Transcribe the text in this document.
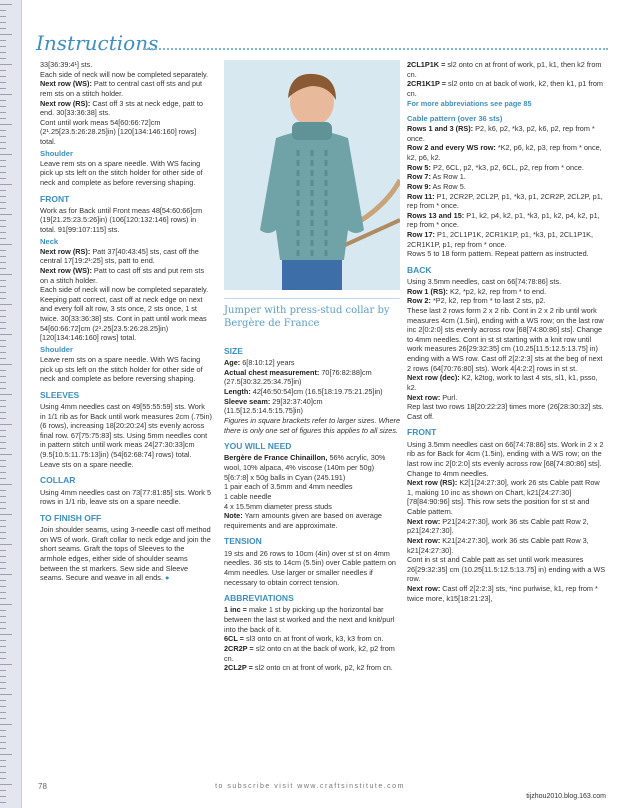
Instructions

33[36:39:4¹] sts.

Each side of neck will now be completed separately.

Next row (WS): Patt to central cast off sts and put rem sts on a stitch holder.

Next row (RS): Cast off 3 sts at neck edge, patt to end. 30[33:36:38] sts.

Cont until work meas 54[60:66:72]cm (2¹.25[23.5:26:28.25]in) [120[134:146:160] rows] total.

Shoulder

Leave rem sts on a spare needle. With WS facing pick up sts left on the stitch holder for other side of neck and complete as before reversing shaping.

FRONT

Work as for Back until Front meas 48[54:60:66]cm (19[21.25:23.5:26]in) (106[120:132:146] rows) in total. 91[99:107:115] sts.

Neck

Next row (RS): Patt 37[40:43:45] sts, cast off the central 17[19:2¹:25] sts, patt to end.

Next row (WS): Patt to cast off sts and put rem sts on a stitch holder.

Each side of neck will now be completed separately. Keeping patt correct, cast off at neck edge on next and every foll alt row, 3 sts once, 2 sts once, 1 st twice. 30[33:36:38] sts. Cont in patt until work meas 54[60:66:72]cm (2¹.25[23.5:26:28.25]in) [120[134:146:160] rows] total.

Shoulder

Leave rem sts on a spare needle. With WS facing pick up sts left on the stitch holder for other side of neck and complete as before reversing shaping.

SLEEVES

Using 4mm needles cast on 49[55:55:59] sts. Work in 1/1 rib as for Back until work measures 2cm (.75in) (6 rows), increasing 18[20:20:24] sts evenly across final row. 67[75:75:83] sts. Using 5mm needles cont in pattern stitch until work meas 24[27:30:33]cm (9.5[10.5:11.75:13]in) (54[62:68:74] rows) total. Leave sts on a spare needle.

COLLAR

Using 4mm needles cast on 73[77:81:85] sts. Work 5 rows in 1/1 rib, leave sts on a spare needle.

TO FINISH OFF

Join shoulder seams, using 3-needle cast off method on WS of work. Graft collar to neck edge and join the short seams. Graft the tops of Sleeves to the armhole edges, either side of shoulder seams between the st markers. Sew side and Sleeve seams. Secure and weave in all ends. ●

Jumper with press-stud collar by Bergère de France
SIZE

Age: 6[8:10:12] years

Actual chest measurement: 70[76:82:88]cm (27.5[30:32.25:34.75]in)

Length: 42[46:50:54]cm (16.5[18:19.75:21.25]in)

Sleeve seam: 29[32:37:40]cm (11.5[12.5:14.5:15.75]in)

Figures in square brackets refer to larger sizes. Where there is only one set of figures this applies to all sizes.

YOU WILL NEED

Bergère de France Chinaillon, 56% acrylic, 30% wool, 10% alpaca, 4% viscose (140m per 50g)

5[6:7:8] x 50g balls in Cyan (245.191)

1 pair each of 3.5mm and 4mm needles

1 cable needle

4 x 15.5mm diameter press studs

Note: Yarn amounts given are based on average requirements and are approximate.

TENSION

19 sts and 26 rows to 10cm (4in) over st st on 4mm needles. 36 sts to 14cm (5.5in) over Cable pattern on 4mm needles. Use larger or smaller needles if necessary to obtain correct tension.

ABBREVIATIONS

1 inc = make 1 st by picking up the horizontal bar between the last st worked and the next and knit/purl into the back of it.

6CL = sl3 onto cn at front of work, k3, k3 from cn.

2CR2P = sl2 onto cn at the back of work, k2, p2 from cn.

2CL2P = sl2 onto cn at front of work, p2, k2 from cn.

2CL1P1K = sl2 onto cn at front of work, p1, k1, then k2 from cn.

2CR1K1P = sl2 onto cn at back of work, k2, then k1, p1 from cn.

For more abbreviations see page 85

Cable pattern (over 36 sts)

Rows 1 and 3 (RS): P2, k6, p2, *k3, p2, k6, p2, rep from * once.

Row 2 and every WS row: *K2, p6, k2, p3, rep from * once, k2, p6, k2.

Row 5: P2, 6CL, p2, *k3, p2, 6CL, p2, rep from * once.

Row 7: As Row 1.

Row 9: As Row 5.

Row 11: P1, 2CR2P, 2CL2P, p1, *k3, p1, 2CR2P, 2CL2P, p1, rep from * once.

Rows 13 and 15: P1, k2, p4, k2, p1, *k3, p1, k2, p4, k2, p1, rep from * once.

Row 17: P1, 2CL1P1K, 2CR1K1P, p1, *k3, p1, 2CL1P1K, 2CR1K1P, p1, rep from * once.

Rows 5 to 18 form pattern. Repeat pattern as instructed.

BACK

Using 3.5mm needles, cast on 66[74:78:86] sts.

Row 1 (RS): K2, *p2, k2, rep from * to end.

Row 2: *P2, k2, rep from * to last 2 sts, p2.

These last 2 rows form 2 x 2 rib. Cont in 2 x 2 rib until work measures 4cm (1.5in), ending with a WS row; on the last row inc 2[0:2:0] sts evenly across row [68[74:80:86] sts]. Change to 4mm needles. Cont in st st starting with a knit row until work measures 26[29:32:35] cm (10.25[11.5:12.5:13.75] in) ending with a WS row. Cast off 2[2:2:3] sts at the beg of next 2 rows (64[70:76:80] sts). Work 4[4:2:2] rows in st st.

Next row (dec): K2, k2tog, work to last 4 sts, sl1, k1, psso, k2.

Next row: Purl.

Rep last two rows 18[20:22:23] times more (26[28:30:32] sts. Cast off.

FRONT

Using 3.5mm needles cast on 66[74:78:86] sts. Work in 2 x 2 rib as for Back for 4cm (1.5in), ending with a WS row; on the last row inc 2[0:2:0] sts evenly across row [68[74:80:86] sts]. Change to 4mm needles.

Next row (RS): K2[1[24:27:30], work 26 sts Cable patt Row 1, making 10 inc as shown on Chart, k21[24:27:30] [78[84:90:96] sts]. This row sets the position for st st and Cable pattern.

Next row: P21[24:27:30], work 36 sts Cable patt Row 2, p21[24:27:30].

Next row: K21[24:27:30], work 36 sts Cable patt Row 3, k21[24:27:30].

Cont in st st and Cable patt as set until work measures 26[29:32:35] cm (10.25[11.5:12.5:13.75] in) ending with a WS row.

Next row: Cast off 2[2:2:3] sts, *inc purlwise, k1, rep from * twice more, k15[18:21:23],

78	to subscribe visit www.craftsinstitute.com
tijzhou2010.blog.163.com
